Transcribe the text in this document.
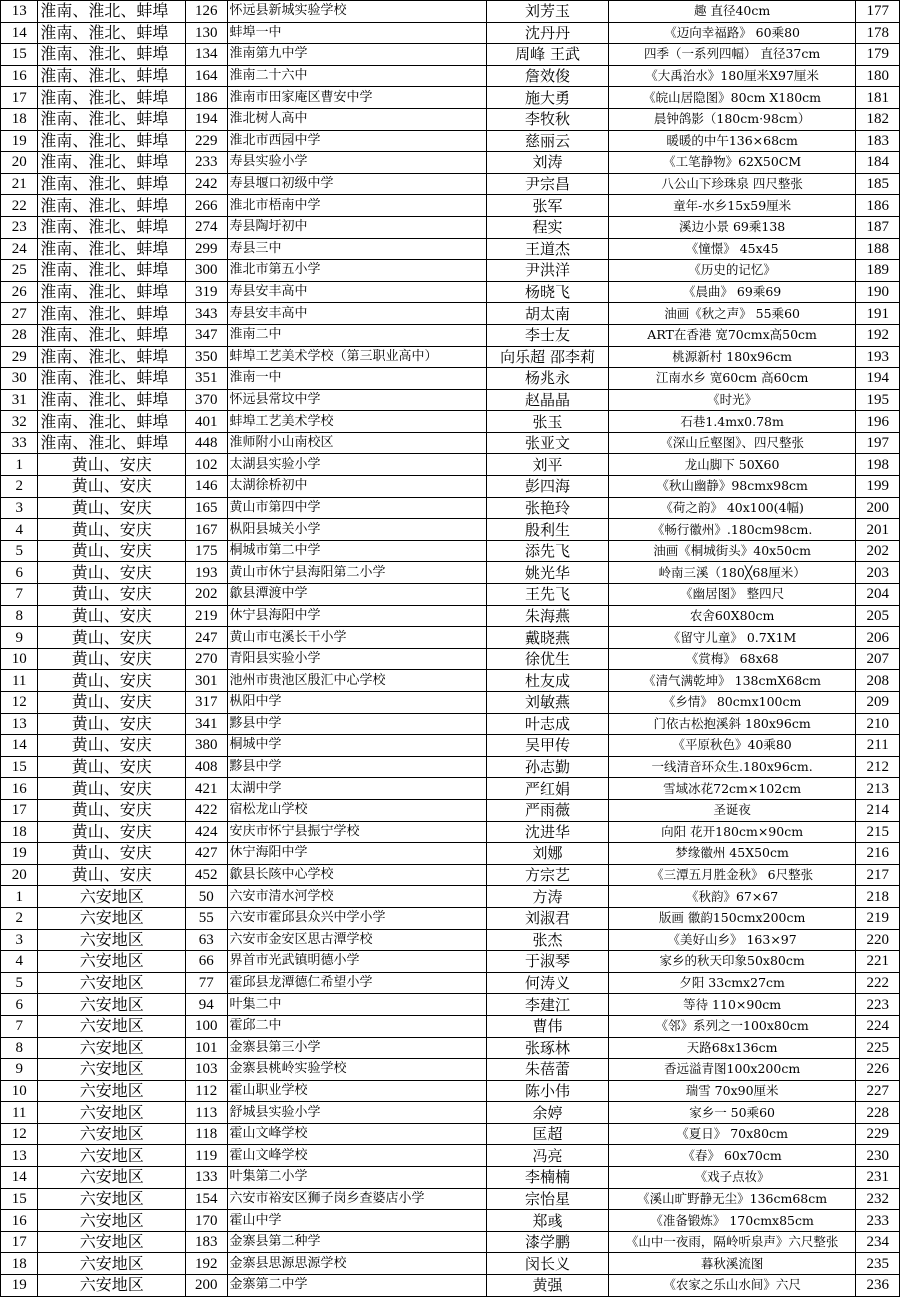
13	淮南、淮北、蚌埠	126	怀远县新城实验学校	刘芳玉	趣 直径40cm	177
14	淮南、淮北、蚌埠	130	蚌埠一中	沈丹丹	《迈向幸福路》 60乘80	178
15	淮南、淮北、蚌埠	134	淮南第九中学	周峰 王武	四季（一系列四幅） 直径37cm	179
16	淮南、淮北、蚌埠	164	淮南二十六中	詹效俊	《大禹治水》180厘米X97厘米	180
17	淮南、淮北、蚌埠	186	淮南市田家庵区曹安中学	施大勇	《皖山居隐图》80cm X180cm	181
18	淮南、淮北、蚌埠	194	淮北树人高中	李牧秋	晨钟鸽影（180cm·98cm）	182
19	淮南、淮北、蚌埠	229	淮北市西园中学	慈丽云	暖暖的中午136×68cm	183
20	淮南、淮北、蚌埠	233	寿县实验小学	刘涛	《工笔静物》62X50CM	184
21	淮南、淮北、蚌埠	242	寿县堰口初级中学	尹宗昌	八公山下珍珠泉 四尺整张	185
22	淮南、淮北、蚌埠	266	淮北市梧南中学	张军	童年-水乡15x59厘米	186
23	淮南、淮北、蚌埠	274	寿县陶圩初中	程实	溪边小景 69乘138	187
24	淮南、淮北、蚌埠	299	寿县三中	王道杰	《憧憬》 45x45	188
25	淮南、淮北、蚌埠	300	淮北市第五小学	尹洪洋	《历史的记忆》	189
26	淮南、淮北、蚌埠	319	寿县安丰高中	杨晓飞	《晨曲》 69乘69	190
27	淮南、淮北、蚌埠	343	寿县安丰高中	胡太南	油画《秋之声》 55乘60	191
28	淮南、淮北、蚌埠	347	淮南二中	李士友	ART在香港 宽70cmx高50cm	192
29	淮南、淮北、蚌埠	350	蚌埠工艺美术学校（第三职业高中）	向乐超 邵李莉	桃源新村 180x96cm	193
30	淮南、淮北、蚌埠	351	淮南一中	杨兆永	江南水乡 宽60cm 高60cm	194
31	淮南、淮北、蚌埠	370	怀远县常坟中学	赵晶晶	《时光》	195
32	淮南、淮北、蚌埠	401	蚌埠工艺美术学校	张玉	石巷1.4mx0.78m	196
33	淮南、淮北、蚌埠	448	淮师附小山南校区	张亚文	《深山丘壑图》、四尺整张	197
1	黄山、安庆	102	太湖县实验小学	刘平	龙山脚下 50X60	198
2	黄山、安庆	146	太湖徐桥初中	彭四海	《秋山幽静》98cmx98cm	199
3	黄山、安庆	165	黄山市第四中学	张艳玲	《荷之韵》 40x100(4幅)	200
4	黄山、安庆	167	枞阳县城关小学	殷利生	《畅行徽州》.180cm98cm.	201
5	黄山、安庆	175	桐城市第二中学	添先飞	油画《桐城街头》40x50cm	202
6	黄山、安庆	193	黄山市休宁县海阳第二小学	姚光华	岭南三溪（180╳68厘米）	203
7	黄山、安庆	202	歙县潭渡中学	王先飞	《幽居图》 整四尺	204
8	黄山、安庆	219	休宁县海阳中学	朱海燕	农舍60X80cm	205
9	黄山、安庆	247	黄山市屯溪长干小学	戴晓燕	《留守儿童》 0.7X1M	206
10	黄山、安庆	270	青阳县实验小学	徐优生	《赏梅》 68x68	207
11	黄山、安庆	301	池州市贵池区殷汇中心学校	杜友成	《清气满乾坤》 138cmX68cm	208
12	黄山、安庆	317	枞阳中学	刘敏燕	《乡情》 80cmx100cm	209
13	黄山、安庆	341	黟县中学	叶志成	门依古松抱溪斜 180x96cm	210
14	黄山、安庆	380	桐城中学	吴甲传	《平原秋色》40乘80	211
15	黄山、安庆	408	黟县中学	孙志勤	一线清音环众生.180x96cm.	212
16	黄山、安庆	421	太湖中学	严红娟	雪域冰花72cm×102cm	213
17	黄山、安庆	422	宿松龙山学校	严雨薇	圣诞夜	214
18	黄山、安庆	424	安庆市怀宁县振宁学校	沈进华	向阳 花开180cm×90cm	215
19	黄山、安庆	427	休宁海阳中学	刘娜	梦缘徽州 45X50cm	216
20	黄山、安庆	452	歙县长陔中心学校	方宗艺	《三潭五月胜金秋》 6尺整张	217
1	六安地区	50	六安市清水河学校	方涛	《秋韵》67×67	218
2	六安地区	55	六安市霍邱县众兴中学小学	刘淑君	版画 徽韵150cmx200cm	219
3	六安地区	63	六安市金安区思古潭学校	张杰	《美好山乡》 163×97	220
4	六安地区	66	界首市光武镇明德小学	于淑琴	家乡的秋天印象50x80cm	221
5	六安地区	77	霍邱县龙潭德仁希望小学	何涛义	夕阳 33cmx27cm	222
6	六安地区	94	叶集二中	李建江	等待 110×90cm	223
7	六安地区	100	霍邱二中	曹伟	《邻》系列之一100x80cm	224
8	六安地区	101	金寨县第三小学	张琢林	天路68x136cm	225
9	六安地区	103	金寨县桃岭实验学校	朱蓓蕾	香远溢青图100x200cm	226
10	六安地区	112	霍山职业学校	陈小伟	瑞雪 70x90厘米	227
11	六安地区	113	舒城县实验小学	余婷	家乡一 50乘60	228
12	六安地区	118	霍山文峰学校	匡超	《夏日》 70x80cm	229
13	六安地区	119	霍山文峰学校	冯亮	《春》 60x70cm	230
14	六安地区	133	叶集第二小学	李楠楠	《戏子点妆》	231
15	六安地区	154	六安市裕安区狮子岗乡查婆店小学	宗怡星	《溪山旷野静无尘》136cm68cm	232
16	六安地区	170	霍山中学	郑彧	《准备锻炼》 170cmx85cm	233
17	六安地区	183	金寨县第二种学	漆学鹏	《山中一夜雨，隔岭听泉声》六尺整张	234
18	六安地区	192	金寨县思源思源学校	闵长义	暮秋溪流图	235
19	六安地区	200	金寨第二中学	黄强	《农家之乐山水间》六尺	236
